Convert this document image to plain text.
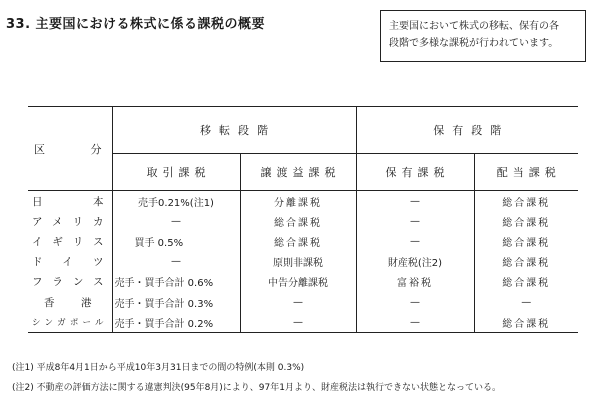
33. 主要国における株式に係る課税の概要	主要国において株式の移転、保有の各
段階で多様な課税が行われています。
区 分	移転段階		保有段階	

	取引課税	譲渡益課税	保有課税	配当課税

日本	売手0.21%(注1)	分離課税	—	総合課税
アメリカ	—	総合課税	—	総合課税
イギリス	買手 0.5%	総合課税	—	総合課税
ドイツ	—	原則非課税	財産税(注2)	総合課税
フランス	売手・買手合計 0.6%	中告分離課税	富裕税	総合課税
香港	売手・買手合計 0.3%	—	—	—
シンガポール	売手・買手合計 0.2%	—	—	総合課税
(注1) 平成8年4月1日から平成10年3月31日までの間の特例(本則 0.3%)
(注2) 不動産の評価方法に関する違憲判決(95年8月)により、97年1月より、財産税法は執行できない状態となっている。
